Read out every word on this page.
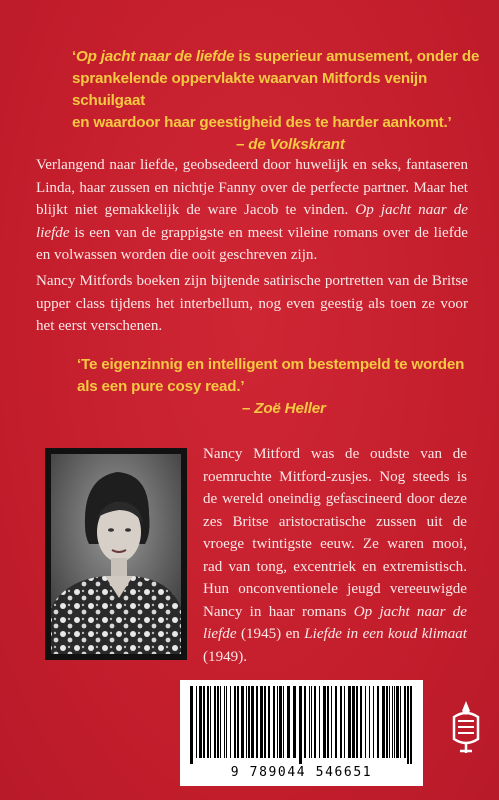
‘Op jacht naar de liefde is superieur amusement, onder de
sprankelende oppervlakte waarvan Mitfords venijn schuilgaat
en waardoor haar geestigheid des te harder aankomt.’
– de Volkskrant
Verlangend naar liefde, geobsedeerd door huwelijk en seks, fantaseren Linda, haar zussen en nichtje Fanny over de perfecte partner. Maar het blijkt niet gemakkelijk de ware Jacob te vinden. Op jacht naar de liefde is een van de grappigste en meest vileine romans over de liefde en volwassen worden die ooit geschreven zijn.
Nancy Mitfords boeken zijn bijtende satirische portretten van de Britse upper class tijdens het interbellum, nog even geestig als toen ze voor het eerst verschenen.
‘Te eigenzinnig en intelligent om bestempeld te worden
als een pure cosy read.’
– Zoë Heller
Nancy Mitford was de oudste van de roemruchte Mitford-zusjes. Nog steeds is de wereld oneindig gefascineerd door deze zes Britse aristocratische zussen uit de vroege twintigste eeuw. Ze waren mooi, rad van tong, excentriek en extremistisch. Hun onconventionele jeugd vereeuwigde Nancy in haar romans Op jacht naar de liefde (1945) en Liefde in een koud klimaat (1949).
9 789044 546651
